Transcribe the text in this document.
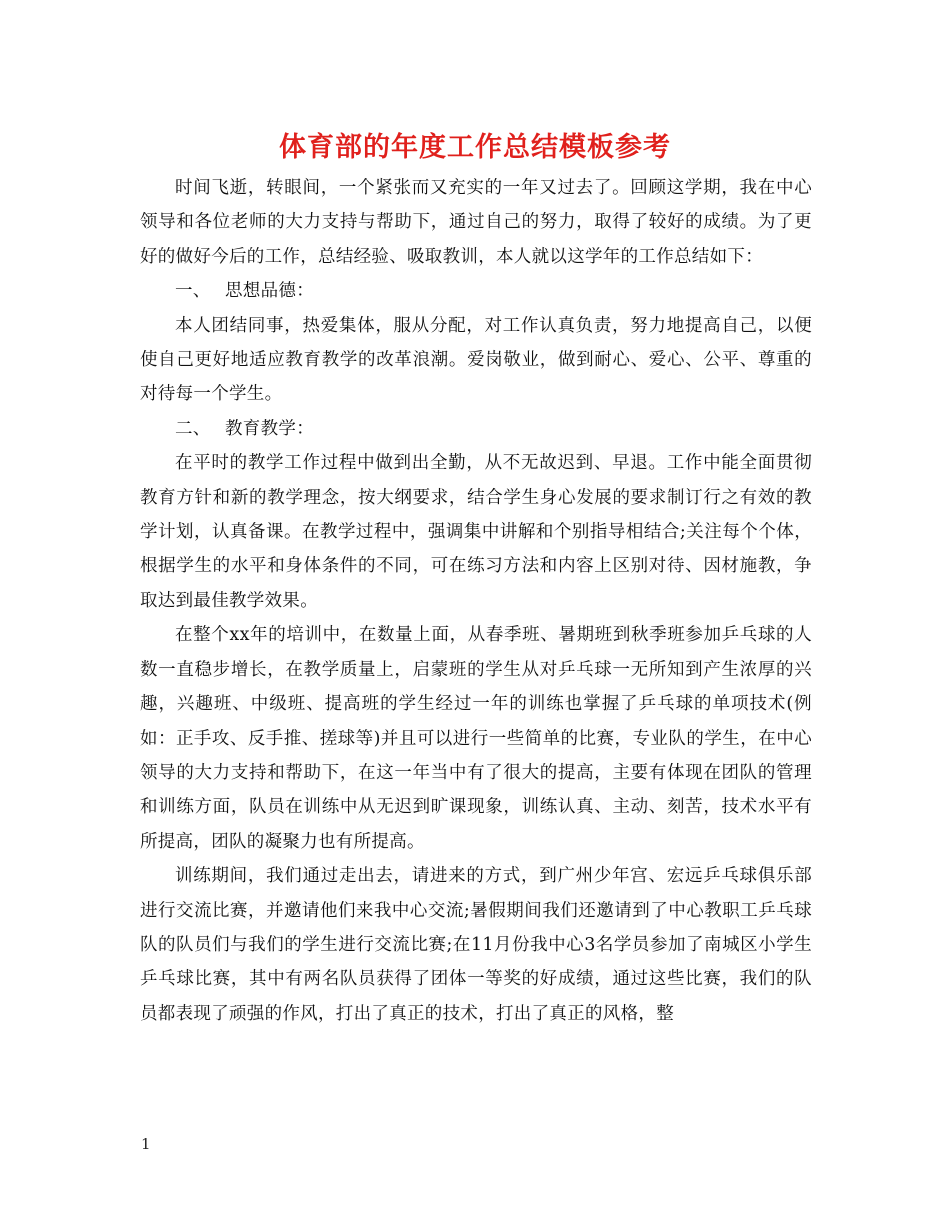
体育部的年度工作总结模板参考

时间飞逝，转眼间，一个紧张而又充实的一年又过去了。回顾这学期，我在中心领导和各位老师的大力支持与帮助下，通过自己的努力，取得了较好的成绩。为了更好的做好今后的工作，总结经验、吸取教训，本人就以这学年的工作总结如下：

一、 思想品德：

本人团结同事，热爱集体，服从分配，对工作认真负责，努力地提高自己，以便使自己更好地适应教育教学的改革浪潮。爱岗敬业，做到耐心、爱心、公平、尊重的对待每一个学生。

二、 教育教学：

在平时的教学工作过程中做到出全勤，从不无故迟到、早退。工作中能全面贯彻教育方针和新的教学理念，按大纲要求，结合学生身心发展的要求制订行之有效的教学计划，认真备课。在教学过程中，强调集中讲解和个别指导相结合;关注每个个体，根据学生的水平和身体条件的不同，可在练习方法和内容上区别对待、因材施教，争取达到最佳教学效果。

在整个xx年的培训中，在数量上面，从春季班、暑期班到秋季班参加乒乓球的人数一直稳步增长，在教学质量上，启蒙班的学生从对乒乓球一无所知到产生浓厚的兴趣，兴趣班、中级班、提高班的学生经过一年的训练也掌握了乒乓球的单项技术(例如：正手攻、反手推、搓球等)并且可以进行一些简单的比赛，专业队的学生，在中心领导的大力支持和帮助下，在这一年当中有了很大的提高，主要有体现在团队的管理和训练方面，队员在训练中从无迟到旷课现象，训练认真、主动、刻苦，技术水平有所提高，团队的凝聚力也有所提高。

训练期间，我们通过走出去，请进来的方式，到广州少年宫、宏远乒乓球俱乐部进行交流比赛，并邀请他们来我中心交流;暑假期间我们还邀请到了中心教职工乒乓球队的队员们与我们的学生进行交流比赛;在11月份我中心3名学员参加了南城区小学生乒乓球比赛，其中有两名队员获得了团体一等奖的好成绩，通过这些比赛，我们的队员都表现了顽强的作风，打出了真正的技术，打出了真正的风格，整

1
